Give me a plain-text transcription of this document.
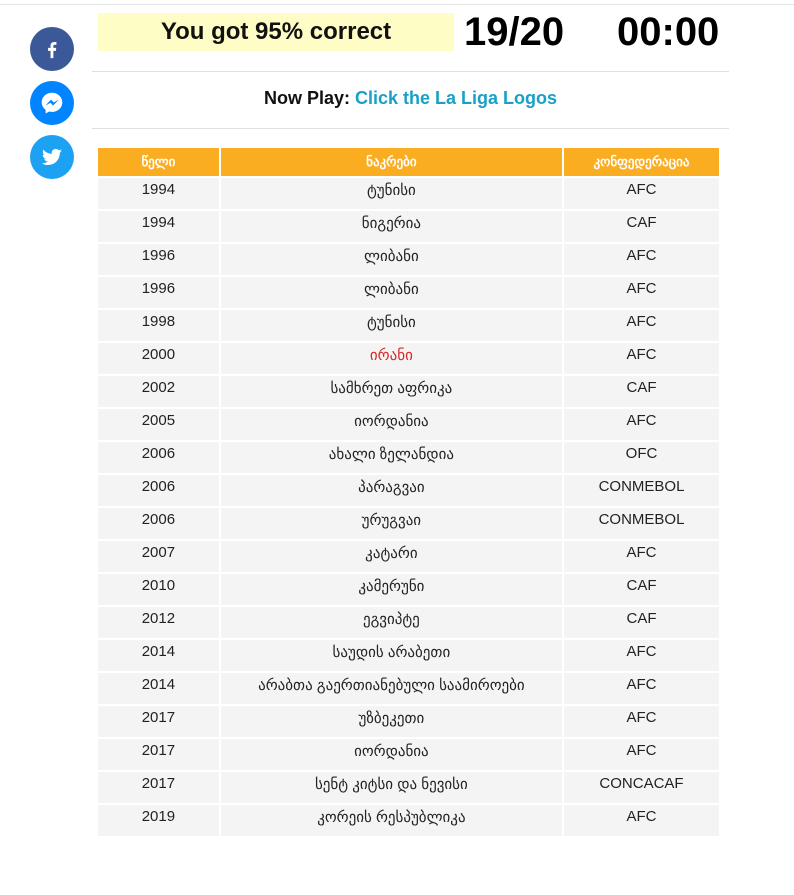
You got 95% correct	19/20 00:00
Now Play: Click the La Liga Logos
წელი	ნაკრები	კონფედერაცია
1994	ტუნისი	AFC
1994	ნიგერია	CAF
1996	ლიბანი	AFC
1996	ლიბანი	AFC
1998	ტუნისი	AFC
2000	ირანი	AFC
2002	სამხრეთ აფრიკა	CAF
2005	იორდანია	AFC
2006	ახალი ზელანდია	OFC
2006	პარაგვაი	CONMEBOL
2006	ურუგვაი	CONMEBOL
2007	კატარი	AFC
2010	კამერუნი	CAF
2012	ეგვიპტე	CAF
2014	საუდის არაბეთი	AFC
2014	არაბთა გაერთიანებული საამიროები	AFC
2017	უზბეკეთი	AFC
2017	იორდანია	AFC
2017	სენტ კიტსი და ნევისი	CONCACAF
2019	კორეის რესპუბლიკა	AFC
